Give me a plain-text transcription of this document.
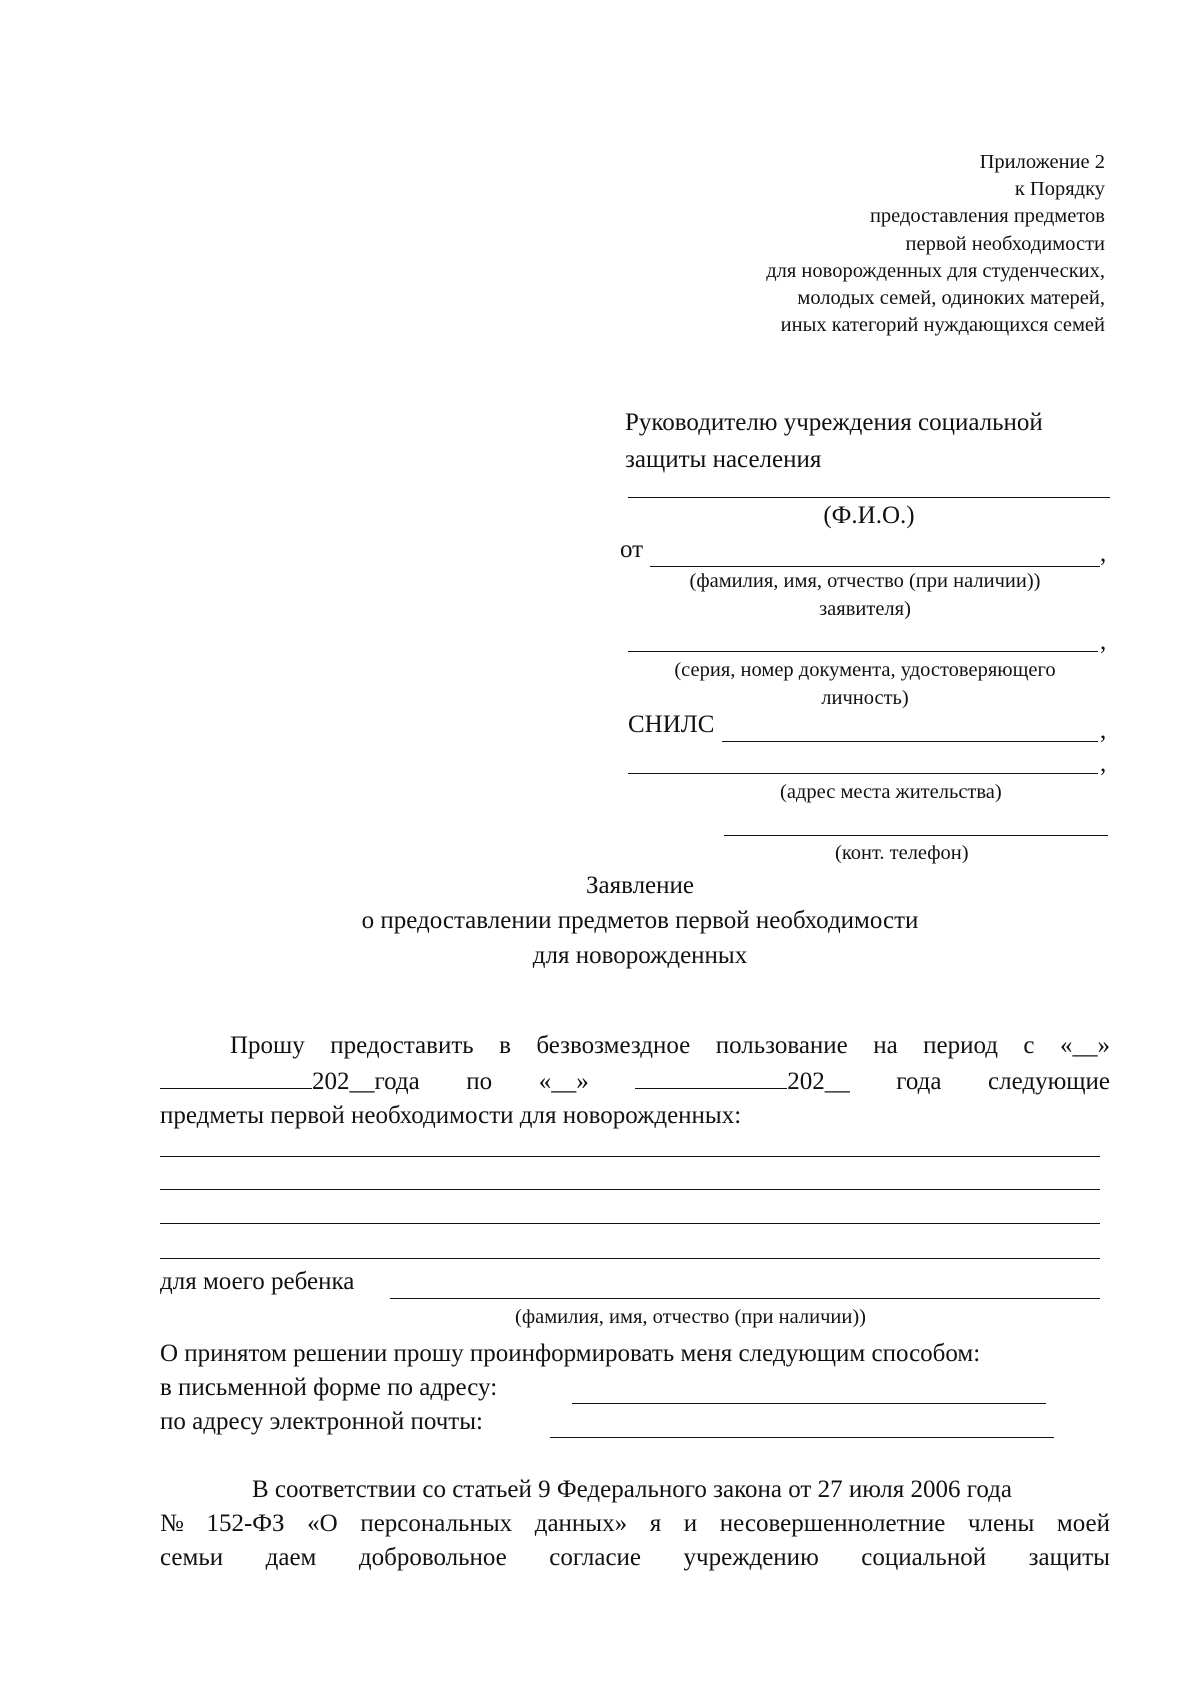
Приложение 2
к Порядку
предоставления предметов
первой необходимости
для новорожденных для студенческих,
молодых семей, одиноких матерей,
иных категорий нуждающихся семей
Руководителю учреждения социальной защиты населения
(Ф.И.О.)
от	,
(фамилия, имя, отчество (при наличии))
заявителя)
,
(серия, номер документа, удостоверяющего
личность)
СНИЛС	,
,
(адрес места жительства)
(конт. телефон)
Заявление
о предоставлении предметов первой необходимости
для новорожденных
Прошу предоставить в безвозмездное пользование на период с «__»
202__года по «__»	202__ года следующие
предметы первой необходимости для новорожденных:
для моего ребенка
(фамилия, имя, отчество (при наличии))
О принятом решении прошу проинформировать меня следующим способом:
в письменной форме по адресу:
по адресу электронной почты:
В соответствии со статьей 9 Федерального закона от 27 июля 2006 года
№ 152-ФЗ «О персональных данных» я и несовершеннолетние члены моей
семьи даем добровольное согласие учреждению социальной защиты
